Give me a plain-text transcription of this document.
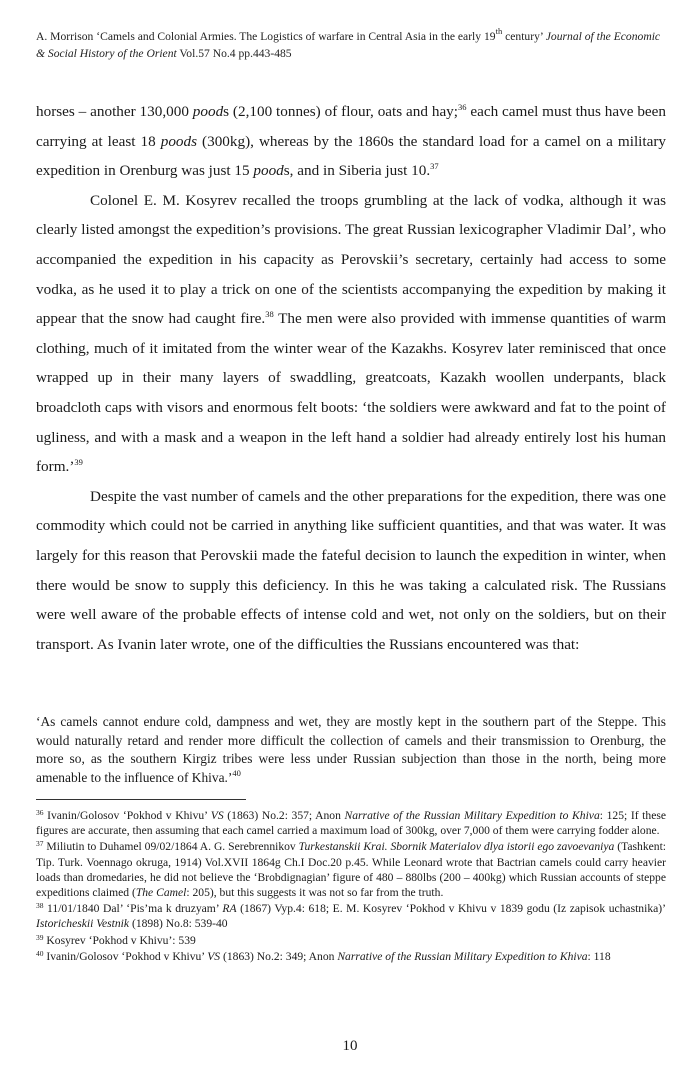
A. Morrison ‘Camels and Colonial Armies. The Logistics of warfare in Central Asia in the early 19th century’ Journal of the Economic & Social History of the Orient Vol.57 No.4 pp.443-485

horses – another 130,000 poods (2,100 tonnes) of flour, oats and hay;$^{36}$ each camel must thus have been carrying at least 18 poods (300kg), whereas by the 1860s the standard load for a camel on a military expedition in Orenburg was just 15 poods, and in Siberia just 10.37

Colonel E. M. Kosyrev recalled the troops grumbling at the lack of vodka, although it was clearly listed amongst the expedition’s provisions. The great Russian lexicographer Vladimir Dal’, who accompanied the expedition in his capacity as Perovskii’s secretary, certainly had access to some vodka, as he used it to play a trick on one of the scientists accompanying the expedition by making it appear that the snow had caught fire.$^{38}$ The men were also provided with immense quantities of warm clothing, much of it imitated from the winter wear of the Kazakhs. Kosyrev later reminisced that once wrapped up in their many layers of swaddling, greatcoats, Kazakh woollen underpants, black broadcloth caps with visors and enormous felt boots: ‘the soldiers were awkward and fat to the point of ugliness, and with a mask and a weapon in the left hand a soldier had already entirely lost his human form.’$^{39}$

Despite the vast number of camels and the other preparations for the expedition, there was one commodity which could not be carried in anything like sufficient quantities, and that was water. It was largely for this reason that Perovskii made the fateful decision to launch the expedition in winter, when there would be snow to supply this deficiency. In this he was taking a calculated risk. The Russians were well aware of the probable effects of intense cold and wet, not only on the soldiers, but on their transport. As Ivanin later wrote, one of the difficulties the Russians encountered was that:

‘As camels cannot endure cold, dampness and wet, they are mostly kept in the southern part of the Steppe. This would naturally retard and render more difficult the collection of camels and their transmission to Orenburg, the more so, as the southern Kirgiz tribes were less under Russian subjection than those in the north, being more amenable to the influence of Khiva.’$^{40}$

$^{36}$ Ivanin/Golosov ‘Pokhod v Khivu’ VS (1863) No.2: 357; Anon Narrative of the Russian Military Expedition to Khiva: 125; If these figures are accurate, then assuming that each camel carried a maximum load of 300kg, over 7,000 of them were carrying fodder alone.

$^{37}$ Miliutin to Duhamel 09/02/1864 A. G. Serebrennikov Turkestanskii Krai. Sbornik Materialov dlya istorii ego zavoevaniya (Tashkent: Tip. Turk. Voennago okruga, 1914) Vol.XVII 1864g Ch.I Doc.20 p.45. While Leonard wrote that Bactrian camels could carry heavier loads than dromedaries, he did not believe the ‘Brobdignagian’ figure of 480 – 880lbs (200 – 400kg) which Russian accounts of steppe expeditions claimed (The Camel: 205), but this suggests it was not so far from the truth.

$^{38}$ 11/01/1840 Dal’ ‘Pis’ma k druzyam’ RA (1867) Vyp.4: 618; E. M. Kosyrev ‘Pokhod v Khivu v 1839 godu (Iz zapisok uchastnika)’ Istoricheskii Vestnik (1898) No.8: 539-40

$^{39}$ Kosyrev ‘Pokhod v Khivu’: 539

$^{40}$ Ivanin/Golosov ‘Pokhod v Khivu’ VS (1863) No.2: 349; Anon Narrative of the Russian Military Expedition to Khiva: 118

10
